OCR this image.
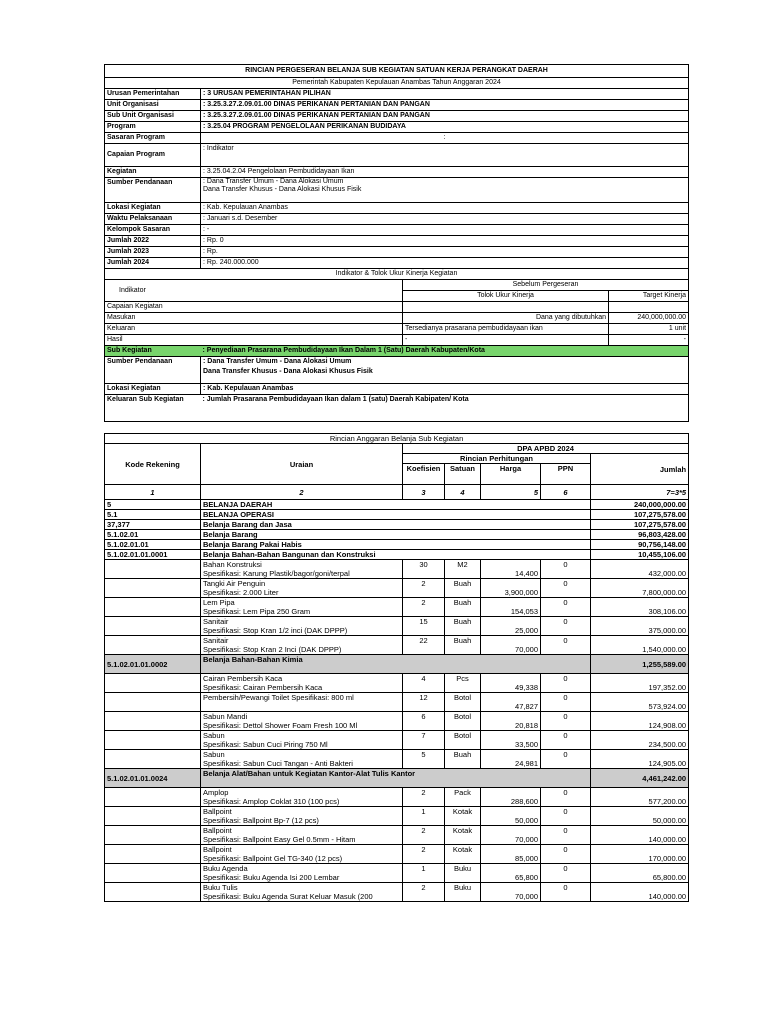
RINCIAN PERGESERAN BELANJA SUB KEGIATAN SATUAN KERJA PERANGKAT DAERAH			
Pemerintah Kabupaten Kepulauan Anambas Tahun Anggaran 2024			
Urusan Pemerintahan	: 3 URUSAN PEMERINTAHAN PILIHAN		
Unit Organisasi	: 3.25.3.27.2.09.01.00 DINAS PERIKANAN PERTANIAN DAN PANGAN		
Sub Unit Organisasi	: 3.25.3.27.2.09.01.00 DINAS PERIKANAN PERTANIAN DAN PANGAN		
Program	: 3.25.04 PROGRAM PENGELOLAAN PERIKANAN BUDIDAYA		
Sasaran Program	:		
Capaian Program	: Indikator		
Kegiatan	: 3.25.04.2.04 Pengelolaan Pembudidayaan Ikan		
Sumber Pendanaan	: Dana Transfer Umum - Dana Alokasi Umum
Dana Transfer Khusus - Dana Alokasi Khusus Fisik		

Lokasi Kegiatan	: Kab. Kepulauan Anambas		
Waktu Pelaksanaan	: Januari s.d. Desember		
Kelompok Sasaran	: -		
Jumlah 2022	: Rp. 0		
Jumlah 2023	: Rp.		
Jumlah 2024	: Rp. 240.000.000		
Indikator & Tolok Ukur Kinerja Kegiatan			
Indikator		Sebelum Pergeseran	
		Tolok Ukur Kinerja	Target Kinerja
Capaian Kegiatan			
Masukan		Dana yang dibutuhkan	240,000,000.00
Keluaran		Tersedianya prasarana pembudidayaan ikan	1 unit
Hasil		-	-
Sub Kegiatan	: Penyediaan Prasarana Pembudidayaan Ikan Dalam 1 (Satu) Daerah Kabupaten/Kota		
Sumber Pendanaan	: Dana Transfer Umum - Dana Alokasi Umum
Dana Transfer Khusus - Dana Alokasi Khusus Fisik		

Lokasi Kegiatan	: Kab. Kepulauan Anambas		
Keluaran Sub Kegiatan	: Jumlah Prasarana Pembudidayaan Ikan dalam 1 (satu) Daerah Kabipaten/ Kota		
Rincian Anggaran Belanja Sub Kegiatan						
Kode Rekening	Uraian	DPA APBD 2024				
		Rincian Perhitungan				Jumlah
		Koefisien	Satuan	Harga	PPN	
1	2	3	4	5	6	7=3*5
5	BELANJA DAERAH					240,000,000.00
5.1	BELANJA OPERASI					107,275,578.00
37,377	Belanja Barang dan Jasa					107,275,578.00
5.1.02.01	Belanja Barang					96,803,428.00
5.1.02.01.01	Belanja Barang Pakai Habis					90,756,148.00
5.1.02.01.01.0001	Belanja Bahan-Bahan Bangunan dan Konstruksi					10,455,106.00

	Bahan Konstruksi
Spesifikasi: Karung Plastik/bagor/goni/terpal	30	M2	14,400	0	432,000.00

	Tangki Air Penguin
Spesifikasi: 2.000 Liter	2	Buah	3,900,000	0	7,800,000.00

	Lem Pipa
Spesifikasi: Lem Pipa 250 Gram	2	Buah	154,053	0	308,106.00

	Sanitair
Spesifikasi: Stop Kran 1/2 inci (DAK DPPP)	15	Buah	25,000	0	375,000.00

	Sanitair
Spesifikasi: Stop Kran 2 Inci (DAK DPPP)	22	Buah	70,000	0	1,540,000.00
5.1.02.01.01.0002	Belanja Bahan-Bahan Kimia					1,255,589.00

	Cairan Pembersih Kaca
Spesifikasi: Cairan Pembersih Kaca	4	Pcs	49,338	0	197,352.00

	Pembersih/Pewangi Toilet Spesifikasi: 800 ml	12	Botol	47,827	0	573,924.00

	Sabun Mandi
Spesifikasi: Dettol Shower Foam Fresh 100 Ml	6	Botol	20,818	0	124,908.00

	Sabun
Spesifikasi: Sabun Cuci Piring 750 Ml	7	Botol	33,500	0	234,500.00

	Sabun
Spesifikasi: Sabun Cuci Tangan - Anti Bakteri	5	Buah	24,981	0	124,905.00
5.1.02.01.01.0024	Belanja Alat/Bahan untuk Kegiatan Kantor-Alat Tulis Kantor					4,461,242.00

	Amplop
Spesifikasi: Amplop Coklat 310 (100 pcs)	2	Pack	288,600	0	577,200.00

	Ballpoint
Spesifikasi: Ballpoint Bp-7 (12 pcs)	1	Kotak	50,000	0	50,000.00

	Ballpoint
Spesifikasi: Ballpoint Easy Gel 0.5mm - Hitam	2	Kotak	70,000	0	140,000.00

	Ballpoint
Spesifikasi: Ballpoint Gel TG-340 (12 pcs)	2	Kotak	85,000	0	170,000.00

	Buku Agenda
Spesifikasi: Buku Agenda Isi 200 Lembar	1	Buku	65,800	0	65,800.00

	Buku Tulis
Spesifikasi: Buku Agenda Surat Keluar Masuk (200	2	Buku	70,000	0	140,000.00
